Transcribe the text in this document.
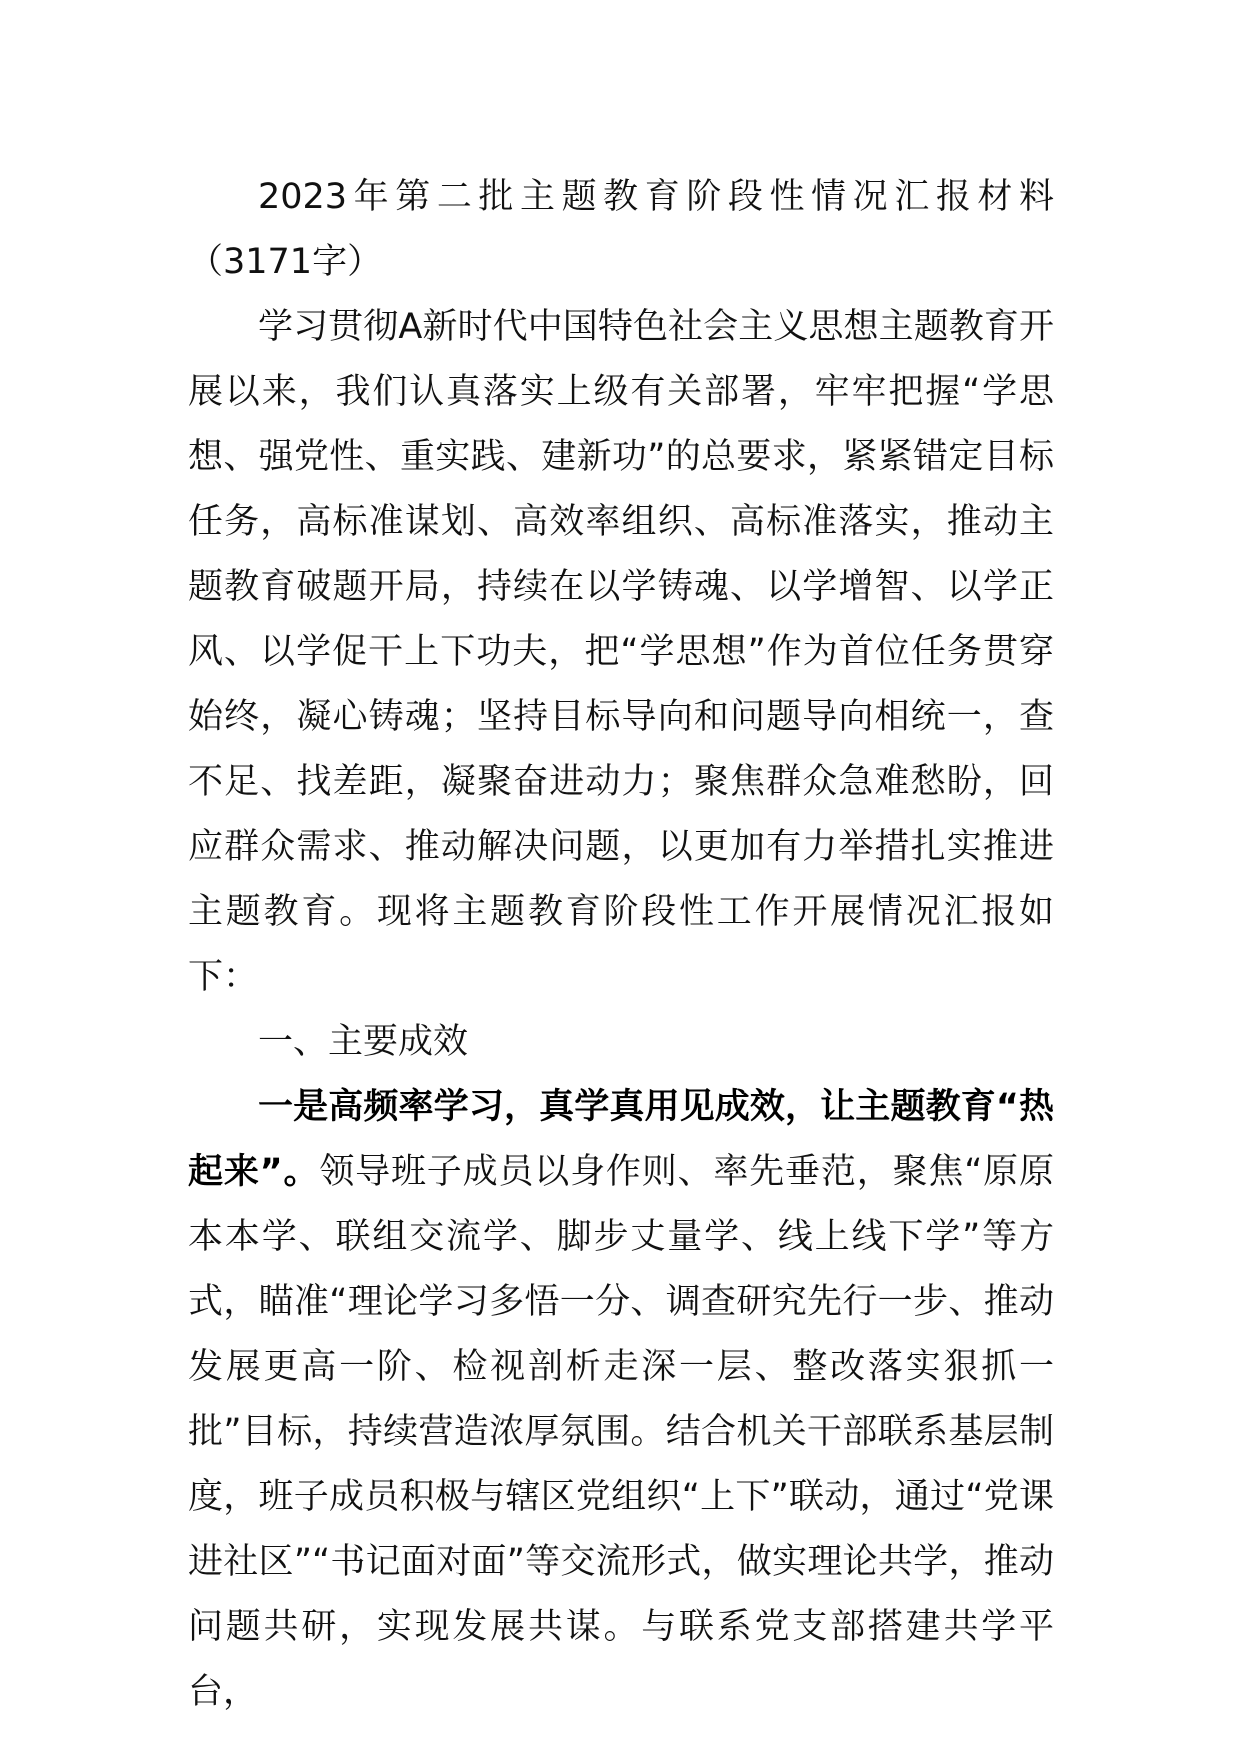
2023年第二批主题教育阶段性情况汇报材料（3171字）

学习贯彻A新时代中国特色社会主义思想主题教育开展以来，我们认真落实上级有关部署，牢牢把握“学思想、强党性、重实践、建新功”的总要求，紧紧错定目标任务，高标准谋划、高效率组织、高标准落实，推动主题教育破题开局，持续在以学铸魂、以学增智、以学正风、以学促干上下功夫，把“学思想”作为首位任务贯穿始终，凝心铸魂；坚持目标导向和问题导向相统一，查不足、找差距，凝聚奋进动力；聚焦群众急难愁盼，回应群众需求、推动解决问题，以更加有力举措扎实推进主题教育。现将主题教育阶段性工作开展情况汇报如下：

一、主要成效

一是高频率学习，真学真用见成效，让主题教育“热起来”。领导班子成员以身作则、率先垂范，聚焦“原原本本学、联组交流学、脚步丈量学、线上线下学”等方式，瞄准“理论学习多悟一分、调查研究先行一步、推动发展更高一阶、检视剖析走深一层、整改落实狠抓一批”目标，持续营造浓厚氛围。结合机关干部联系基层制度，班子成员积极与辖区党组织“上下”联动，通过“党课进社区”“书记面对面”等交流形式，做实理论共学，推动问题共研，实现发展共谋。与联系党支部搭建共学平台，
